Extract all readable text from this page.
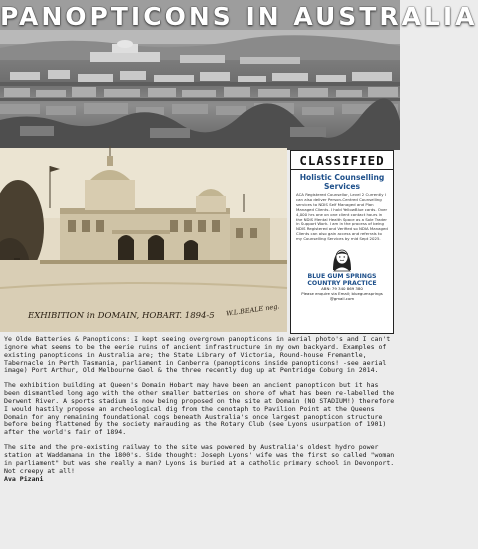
PANOPTICONS IN AUSTRALIA
EXHIBITION in DOMAIN, HOBART. 1894-5 W.L.BEALE neg.
CLASSIFIED
Holistic Counselling Services
ACA Registered Counsellor, Level 2 Currently I can also deliver Person-Centred Counselling services to NDIS Self Managed and Plan Managed Clients. I hold YellowBlue cards. Over 4,000 hrs one on one client contact hours in the NDIS Mental Health Space as a Sole Trader in Support Work. I am in the process of being NDIS Registered and Verified so NDIA Managed Clients can also gain access and referrals to my Counselling Services by mid Sept 2025.
BLUE GUM SPRINGS COUNTRY PRACTICE
ABN: 79 340 869 380
Please enquire via Email; bluegumsprings
@gmail.com

Ye Olde Batteries & Panopticons: I kept seeing overgrown panopticons in aerial photo's and I can't ignore what seems to be the eerie ruins of ancient infrastructure in my own backyard. Examples of existing panopticons in Australia are; the State Library of Victoria, Round-house Fremantle, Tabernacle in Perth Tasmania, parliament in Canberra (panopticons inside panopticons! -see aerial image) Port Arthur, Old Melbourne Gaol & the three recently dug up at Pentridge Coburg in 2014.

The exhibition building at Queen's Domain Hobart may have been an ancient panopticon but it has been dismantled long ago with the other smaller batteries on shore of what has been re-labelled the Derwent River. A sports stadium is now being proposed on the site at Domain (NO STADIUM!) therefore I would hastily propose an archeological dig from the cenotaph to Pavilion Point at the Queens Domain for any remaining foundational cogs beneath Australia's once largest panopticon structure before being flattened by the society marauding as the Rotary Club (see Lyons usurpation of 1901) after the world's fair of 1894.

The site and the pre-existing railway to the site was powered by Australia's oldest hydro power station at Waddamana in the 1800's. Side thought: Joseph Lyons' wife was the first so called "woman in parliament" but was she really a man? Lyons is buried at a catholic primary school in Devonport. Not creepy at all!
Ava Pizani
